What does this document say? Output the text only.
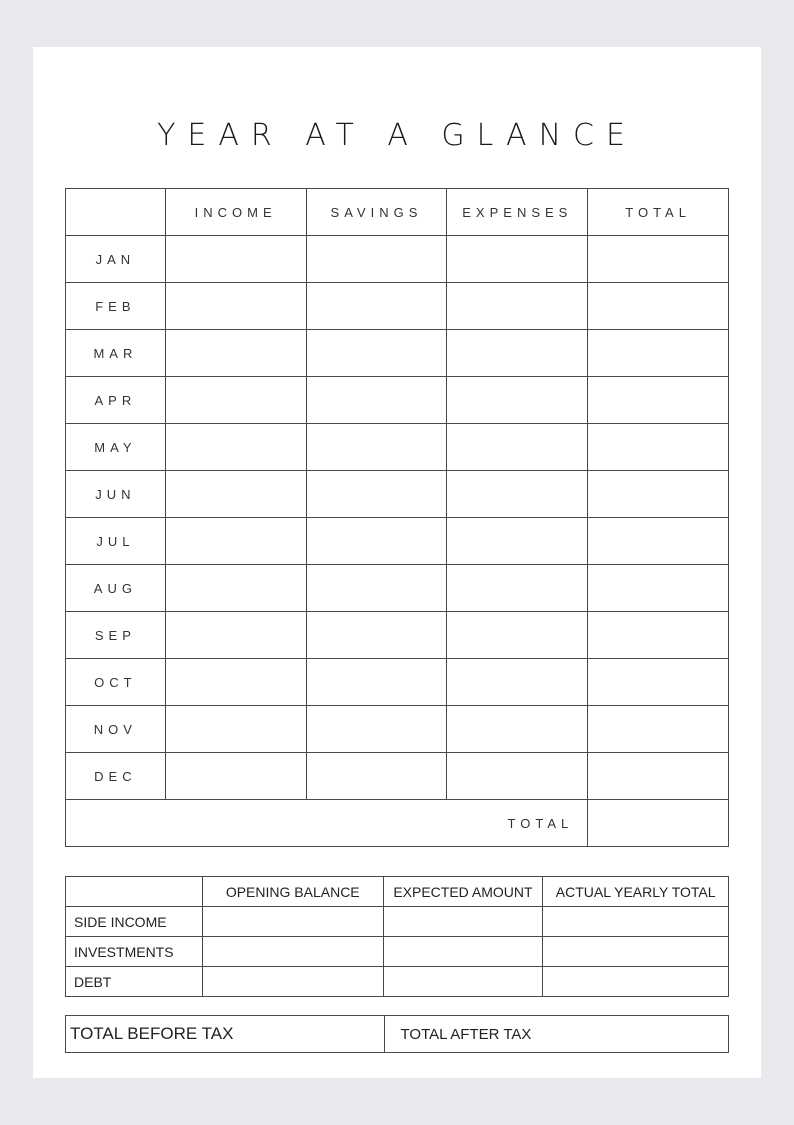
YEAR AT A GLANCE
	INCOME	SAVINGS	EXPENSES	TOTAL
JAN				
FEB				
MAR				
APR				
MAY				
JUN				
JUL				
AUG				
SEP				
OCT				
NOV				
DEC				
TOTAL				
	OPENING BALANCE	EXPECTED AMOUNT	ACTUAL YEARLY TOTAL
SIDE INCOME			
INVESTMENTS			
DEBT			
TOTAL BEFORE TAX	TOTAL AFTER TAX
